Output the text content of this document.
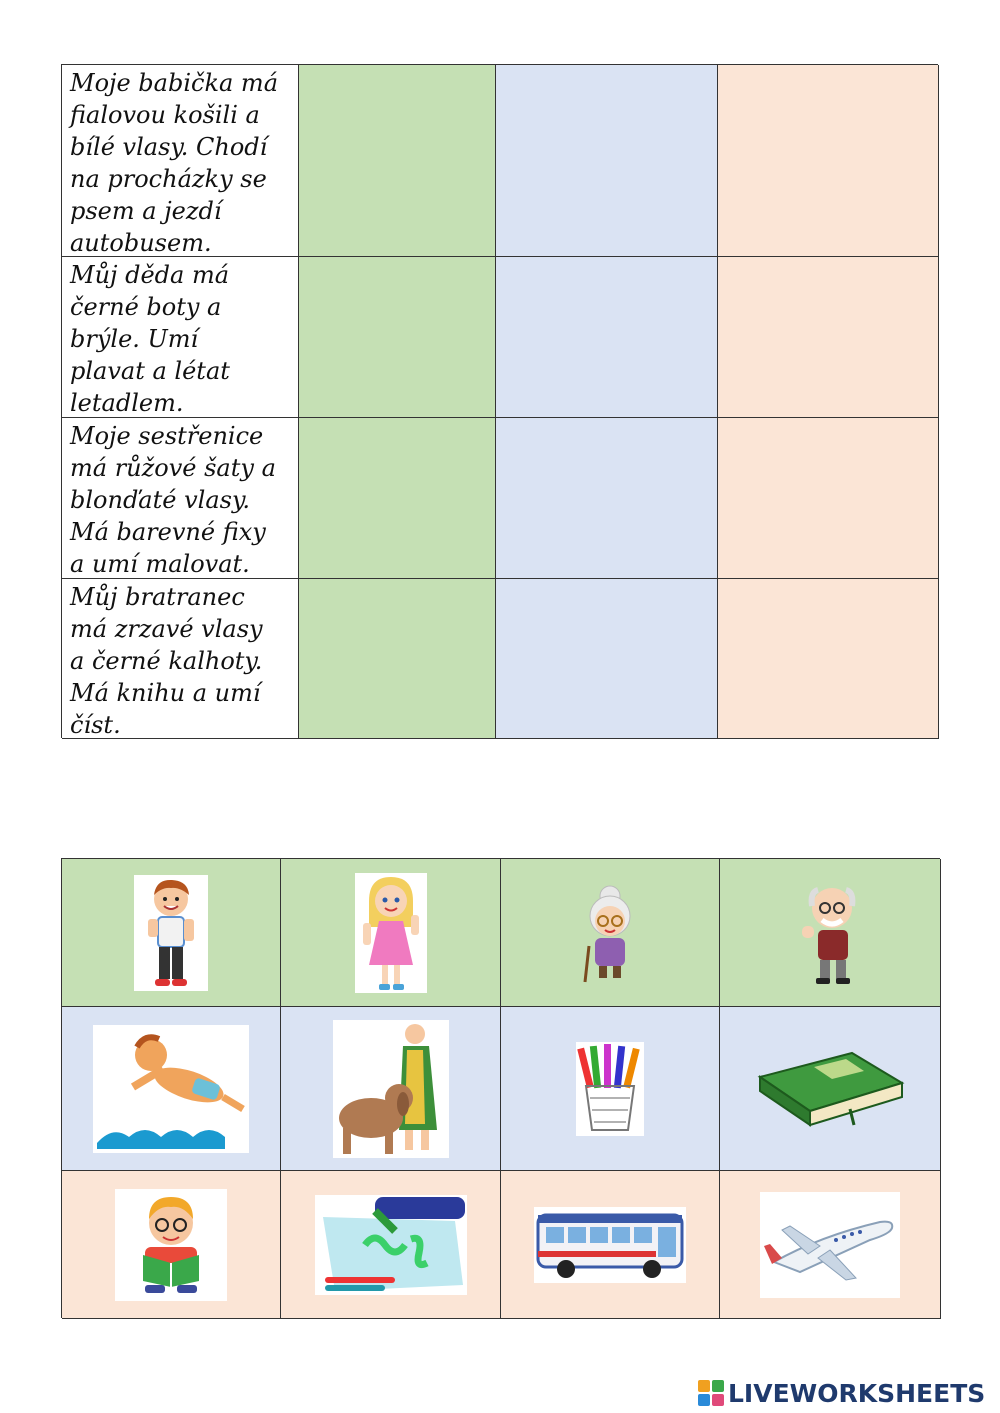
Moje babička má
fialovou košili a
bílé vlasy. Chodí
na procházky se
psem a jezdí
autobusem.
Můj děda má
černé boty a
brýle. Umí
plavat a létat
letadlem.
Moje sestřenice
má růžové šaty a
blonďaté vlasy.
Má barevné fixy
a umí malovat.
Můj bratranec
má zrzavé vlasy
a černé kalhoty.
Má knihu a umí
číst.
LIVEWORKSHEETS
